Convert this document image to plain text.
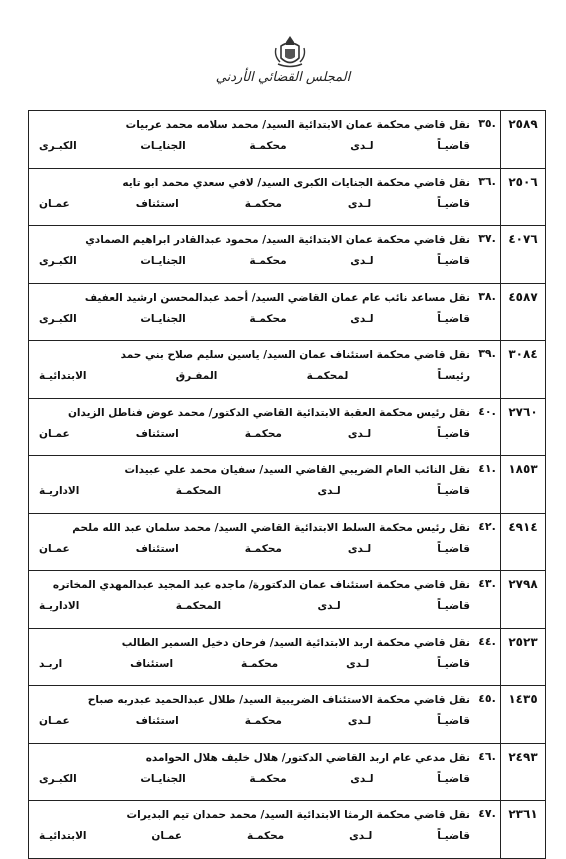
المجلس القضائي الأردني
٢٥٨٩	.٣٥	نقل قاضي محكمة عمان الابتدائية السيد/ محمد سلامه محمد عربيات
قاضيـاً لـدى محكمـة الجنايـات الكبـرى

٢٥٠٦	.٣٦	نقل قاضي محكمة الجنايات الكبرى السيد/ لافي سعدي محمد ابو تايه
قاضيـاً لـدى محكمـة استئناف عمـان

٤٠٧٦	.٣٧	نقل قاضي محكمة عمان الابتدائية السيد/ محمود عبدالقادر ابراهيم الصمادي
قاضيـاً لـدى محكمـة الجنايـات الكبـرى

٤٥٨٧	.٣٨	نقل مساعد نائب عام عمان القاضي السيد/ أحمد عبدالمحسن ارشيد العفيف
قاضيـاً لـدى محكمـة الجنايـات الكبـرى

٣٠٨٤	.٣٩	نقل قاضي محكمة استئناف عمان السيد/ ياسين سليم صلاح بني حمد
رئيسـاً لمحكمـة المفـرق الابتدائيـة

٢٧٦٠	.٤٠	نقل رئيس محكمة العقبة الابتدائية القاضي الدكتور/ محمد عوض فناطل الزيدان
قاضيـاً لـدى محكمـة استئناف عمـان

١٨٥٣	.٤١	نقل النائب العام الضريبي القاضي السيد/ سفيان محمد علي عبيدات
قاضيـاً لـدى المحكمـة الاداريـة

٤٩١٤	.٤٢	نقل رئيس محكمة السلط الابتدائية القاضي السيد/ محمد سلمان عبد الله ملحم
قاضيـاً لـدى محكمـة استئناف عمـان

٢٧٩٨	.٤٣	نقل قاضي محكمة استئناف عمان الدكتورة/ ماجده عبد المجيد عبدالمهدي المخاتره
قاضيـاً لـدى المحكمـة الاداريـة

٢٥٢٣	.٤٤	نقل قاضي محكمة اربد الابتدائية السيد/ فرحان دخيل السمير الطالب
قاضيـاً لـدى محكمـة استئناف اربـد

١٤٣٥	.٤٥	نقل قاضي محكمة الاستئناف الضريبية السيد/ طلال عبدالحميد عبدربه صباح
قاضيـاً لـدى محكمـة استئناف عمـان

٢٤٩٣	.٤٦	نقل مدعي عام اربد القاضي الدكتور/ هلال خليف هلال الحوامده
قاضيـاً لـدى محكمـة الجنايـات الكبـرى

٢٣٦١	.٤٧	نقل قاضي محكمة الرمثا الابتدائية السيد/ محمد حمدان تيم البديرات
قاضيـاً لـدى محكمـة عمـان الابتدائيـة
